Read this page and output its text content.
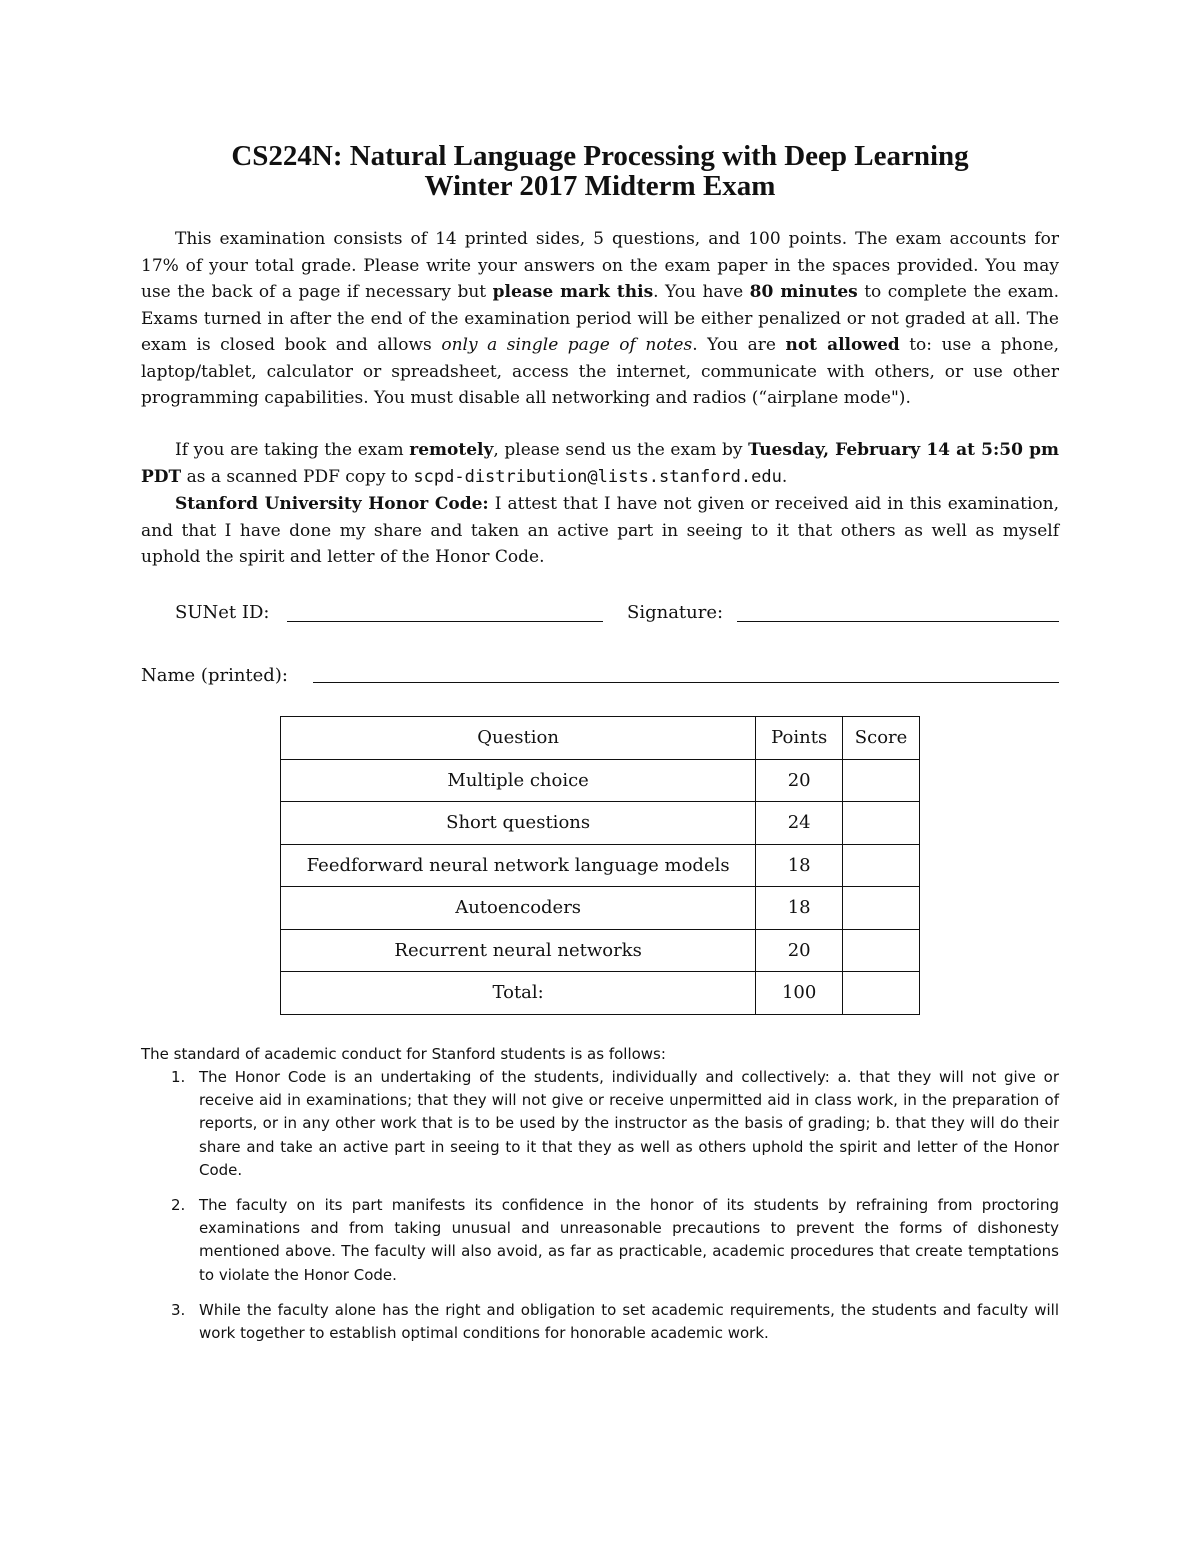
CS224N: Natural Language Processing with Deep Learning
Winter 2017 Midterm Exam

This examination consists of 14 printed sides, 5 questions, and 100 points. The exam accounts for 17% of your total grade. Please write your answers on the exam paper in the spaces provided. You may use the back of a page if necessary but please mark this. You have 80 minutes to complete the exam. Exams turned in after the end of the examination period will be either penalized or not graded at all. The exam is closed book and allows only a single page of notes. You are not allowed to: use a phone, laptop/tablet, calculator or spreadsheet, access the internet, communicate with others, or use other programming capabilities. You must disable all networking and radios (“airplane mode").

If you are taking the exam remotely, please send us the exam by Tuesday, February 14 at 5:50 pm PDT as a scanned PDF copy to scpd-distribution@lists.stanford.edu.

Stanford University Honor Code: I attest that I have not given or received aid in this examination, and that I have done my share and taken an active part in seeing to it that others as well as myself uphold the spirit and letter of the Honor Code.

SUNet ID:	Signature:
Name (printed):
Question	Points	Score
Multiple choice	20	
Short questions	24	
Feedforward neural network language models	18	
Autoencoders	18	
Recurrent neural networks	20	
Total:	100	
The standard of academic conduct for Stanford students is as follows:
1. The Honor Code is an undertaking of the students, individually and collectively: a. that they will not give or receive aid in examinations; that they will not give or receive unpermitted aid in class work, in the preparation of reports, or in any other work that is to be used by the instructor as the basis of grading; b. that they will do their share and take an active part in seeing to it that they as well as others uphold the spirit and letter of the Honor Code.
2. The faculty on its part manifests its confidence in the honor of its students by refraining from proctoring examinations and from taking unusual and unreasonable precautions to prevent the forms of dishonesty mentioned above. The faculty will also avoid, as far as practicable, academic procedures that create temptations to violate the Honor Code.
3. While the faculty alone has the right and obligation to set academic requirements, the students and faculty will work together to establish optimal conditions for honorable academic work.
